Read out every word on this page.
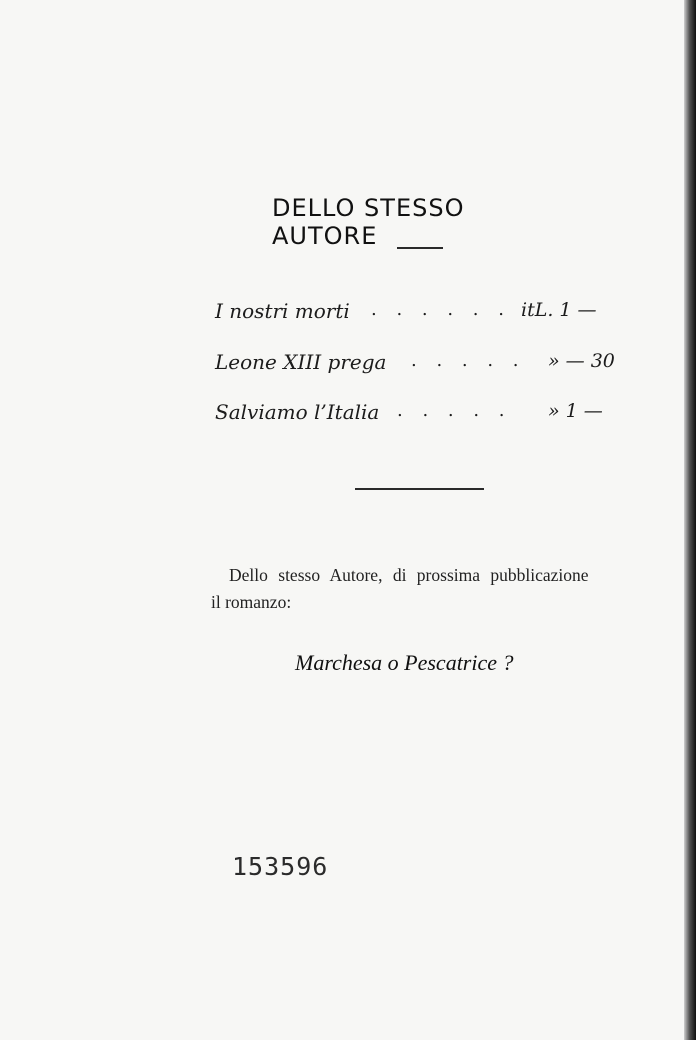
DELLO STESSO AUTORE
I nostri morti . . . . . . itL. 1 —
Leone XIII prega . . . . . » — 30
Salviamo l’Italia . . . . . » 1 —
Dello stesso Autore, di prossima pubblicazione
il romanzo:
Marchesa o Pescatrice ?
153596
